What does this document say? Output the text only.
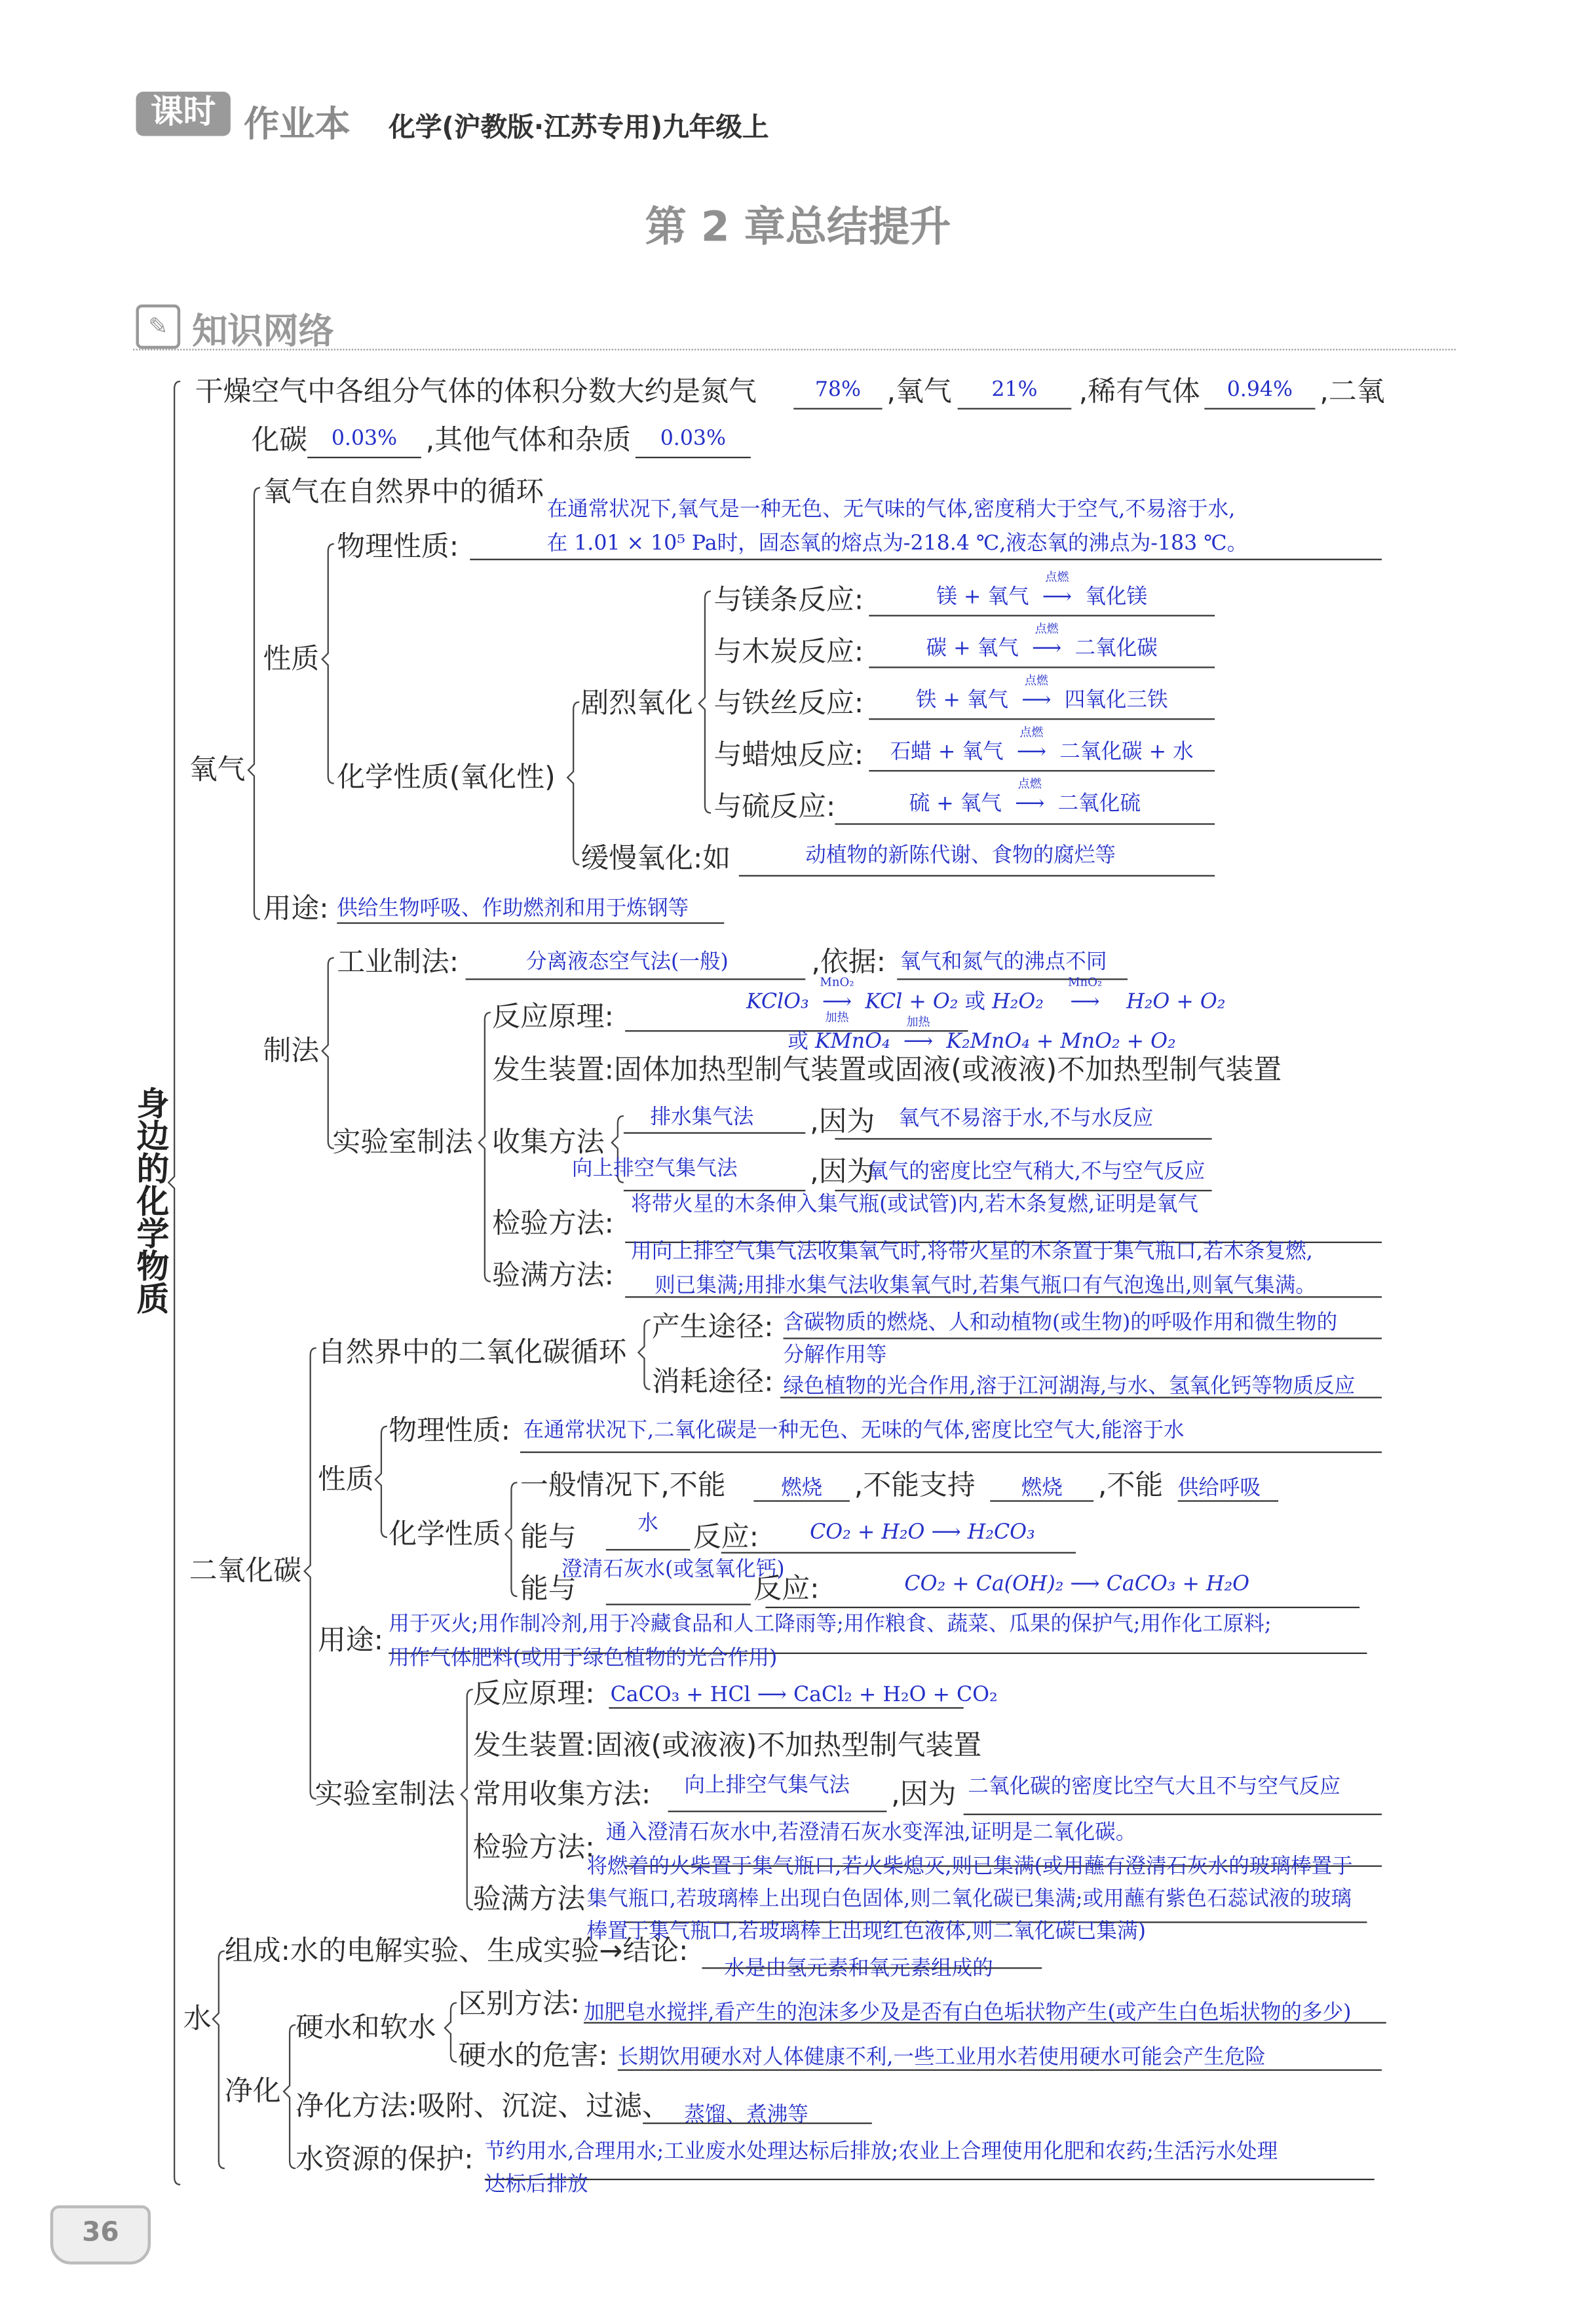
课时	作业本	化学(沪教版·江苏专用)九年级上
第 2 章总结提升
✎	知识网络
身边的化学物质
干燥空气中各组分气体的体积分数大约是氮气	78%	,氧气	21%	,稀有气体	0.94%	,二氧
化碳	0.03%	,其他气体和杂质	0.03%
氧气
氧气在自然界中的循环
性质
物理性质:
在通常状况下,氧气是一种无色、无气味的气体,密度稍大于空气,不易溶于水,
在 1.01 × 10⁵ Pa时，固态氧的熔点为-218.4 ℃,液态氧的沸点为-183 ℃。
化学性质(氧化性)
剧烈氧化
与镁条反应:	镁 + 氧气
点燃
⟶氧化镁
与木炭反应:	碳 + 氧气
点燃
⟶二氧化碳
与铁丝反应:	铁 + 氧气
点燃
⟶四氧化三铁
与蜡烛反应:	石蜡 + 氧气
点燃
⟶二氧化碳 + 水
与硫反应:	硫 + 氧气
点燃
⟶二氧化硫
缓慢氧化:如	动植物的新陈代谢、食物的腐烂等
用途: 供给生物呼吸、作助燃剂和用于炼钢等
制法
工业制法:	分离液态空气法(一般)	,依据: 氧气和氮气的沸点不同
实验室制法
反应原理:	KClO₃
MnO₂
加热
⟶KCl + O₂ 或 H₂O₂
MnO₂
⟶H₂O + O₂
或 KMnO₄
加热
⟶K₂MnO₄ + MnO₂ + O₂
发生装置:固体加热型制气装置或固液(或液液)不加热型制气装置
收集方法
排水集气法	,因为	氧气不易溶于水,不与水反应
向上排空气集气法	,因为
氧气的密度比空气稍大,不与空气反应
检验方法:
将带火星的木条伸入集气瓶(或试管)内,若木条复燃,证明是氧气
验满方法:
用向上排空气集气法收集氧气时,将带火星的木条置于集气瓶口,若木条复燃,
则已集满;用排水集气法收集氧气时,若集气瓶口有气泡逸出,则氧气集满。
自然界中的二氧化碳循环
产生途径: 含碳物质的燃烧、人和动植物(或生物)的呼吸作用和微生物的
分解作用等
消耗途径: 绿色植物的光合作用,溶于江河湖海,与水、氢氧化钙等物质反应
性质
物理性质: 在通常状况下,二氧化碳是一种无色、无味的气体,密度比空气大,能溶于水
化学性质
一般情况下,不能	燃烧	,不能支持	燃烧	,不能 供给呼吸
能与	水	反应:	CO₂ + H₂O ⟶ H₂CO₃
能与
澄清石灰水(或氢氧化钙)
反应:	CO₂ + Ca(OH)₂ ⟶ CaCO₃ + H₂O
二氧化碳
用途: 用于灭火;用作制冷剂,用于冷藏食品和人工降雨等;用作粮食、蔬菜、瓜果的保护气;用作化工原料;
用作气体肥料(或用于绿色植物的光合作用)
实验室制法
反应原理: CaCO₃ + HCl ⟶ CaCl₂ + H₂O + CO₂
发生装置:固液(或液液)不加热型制气装置
常用收集方法:	向上排空气集气法	,因为 二氧化碳的密度比空气大且不与空气反应
检验方法: 通入澄清石灰水中,若澄清石灰水变浑浊,证明是二氧化碳。
将燃着的火柴置于集气瓶口,若火柴熄灭,则已集满(或用蘸有澄清石灰水的玻璃棒置于
验满方法 集气瓶口,若玻璃棒上出现白色固体,则二氧化碳已集满;或用蘸有紫色石蕊试液的玻璃
棒置于集气瓶口,若玻璃棒上出现红色液体,则二氧化碳已集满)
水
组成:水的电解实验、生成实验→结论:
水是由氢元素和氧元素组成的
净化
硬水和软水
区别方法: 加肥皂水搅拌,看产生的泡沫多少及是否有白色垢状物产生(或产生白色垢状物的多少)
硬水的危害: 长期饮用硬水对人体健康不利,一些工业用水若使用硬水可能会产生危险
净化方法:吸附、沉淀、过滤、 蒸馏、煮沸等
水资源的保护: 节约用水,合理用水;工业废水处理达标后排放;农业上合理使用化肥和农药;生活污水处理
达标后排放
36
